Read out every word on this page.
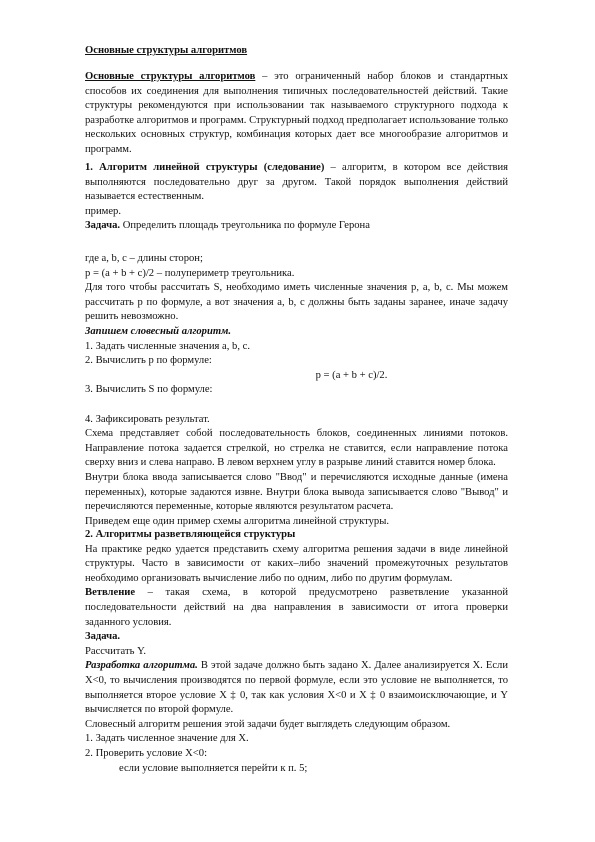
Основные структуры алгоритмов

Основные структуры алгоритмов – это ограниченный набор блоков и стандартных способов их соединения для выполнения типичных последовательностей действий. Такие структуры рекомендуются при использовании так называемого структурного подхода к разработке алгоритмов и программ. Структурный подход предполагает использование только нескольких основных структур, комбинация которых дает все многообразие алгоритмов и программ.

1. Алгоритм линейной структуры (следование) – алгоритм, в котором все действия выполняются последовательно друг за другом. Такой порядок выполнения действий называется естественным.

пример.

Задача. Определить площадь треугольника по формуле Герона

где a, b, c – длины сторон;

p = (a + b + c)/2 – полупериметр треугольника.

Для того чтобы рассчитать S, необходимо иметь численные значения p, a, b, c. Мы можем рассчитать p по формуле, а вот значения a, b, c должны быть заданы заранее, иначе задачу решить невозможно.

Запишем словесный алгоритм.

1. Задать численные значения a, b, c.

2. Вычислить p по формуле:

p = (a + b + c)/2.

3. Вычислить S по формуле:

4. Зафиксировать результат.

Схема представляет собой последовательность блоков, соединенных линиями потоков. Направление потока задается стрелкой, но стрелка не ставится, если направление потока сверху вниз и слева направо. В левом верхнем углу в разрыве линий ставится номер блока.

Внутри блока ввода записывается слово "Ввод" и перечисляются исходные данные (имена переменных), которые задаются извне. Внутри блока вывода записывается слово "Вывод" и перечисляются переменные, которые являются результатом расчета.

Приведем еще один пример схемы алгоритма линейной структуры.

2. Алгоритмы разветвляющейся структуры

На практике редко удается представить схему алгоритма решения задачи в виде линейной структуры. Часто в зависимости от каких–либо значений промежуточных результатов необходимо организовать вычисление либо по одним, либо по другим формулам.

Ветвление – такая схема, в которой предусмотрено разветвление указанной последовательности действий на два направления в зависимости от итога проверки заданного условия.

Задача.

Рассчитать Y.

Разработка алгоритма. В этой задаче должно быть задано X. Далее анализируется X. Если X<0, то вычисления производятся по первой формуле, если это условие не выполняется, то выполняется второе условие X ‡ 0, так как условия X<0 и X ‡ 0 взаимоисключающие, и Y вычисляется по второй формуле.

Словесный алгоритм решения этой задачи будет выглядеть следующим образом.

1. Задать численное значение для X.

2. Проверить условие X<0:

если условие выполняется перейти к п. 5;
